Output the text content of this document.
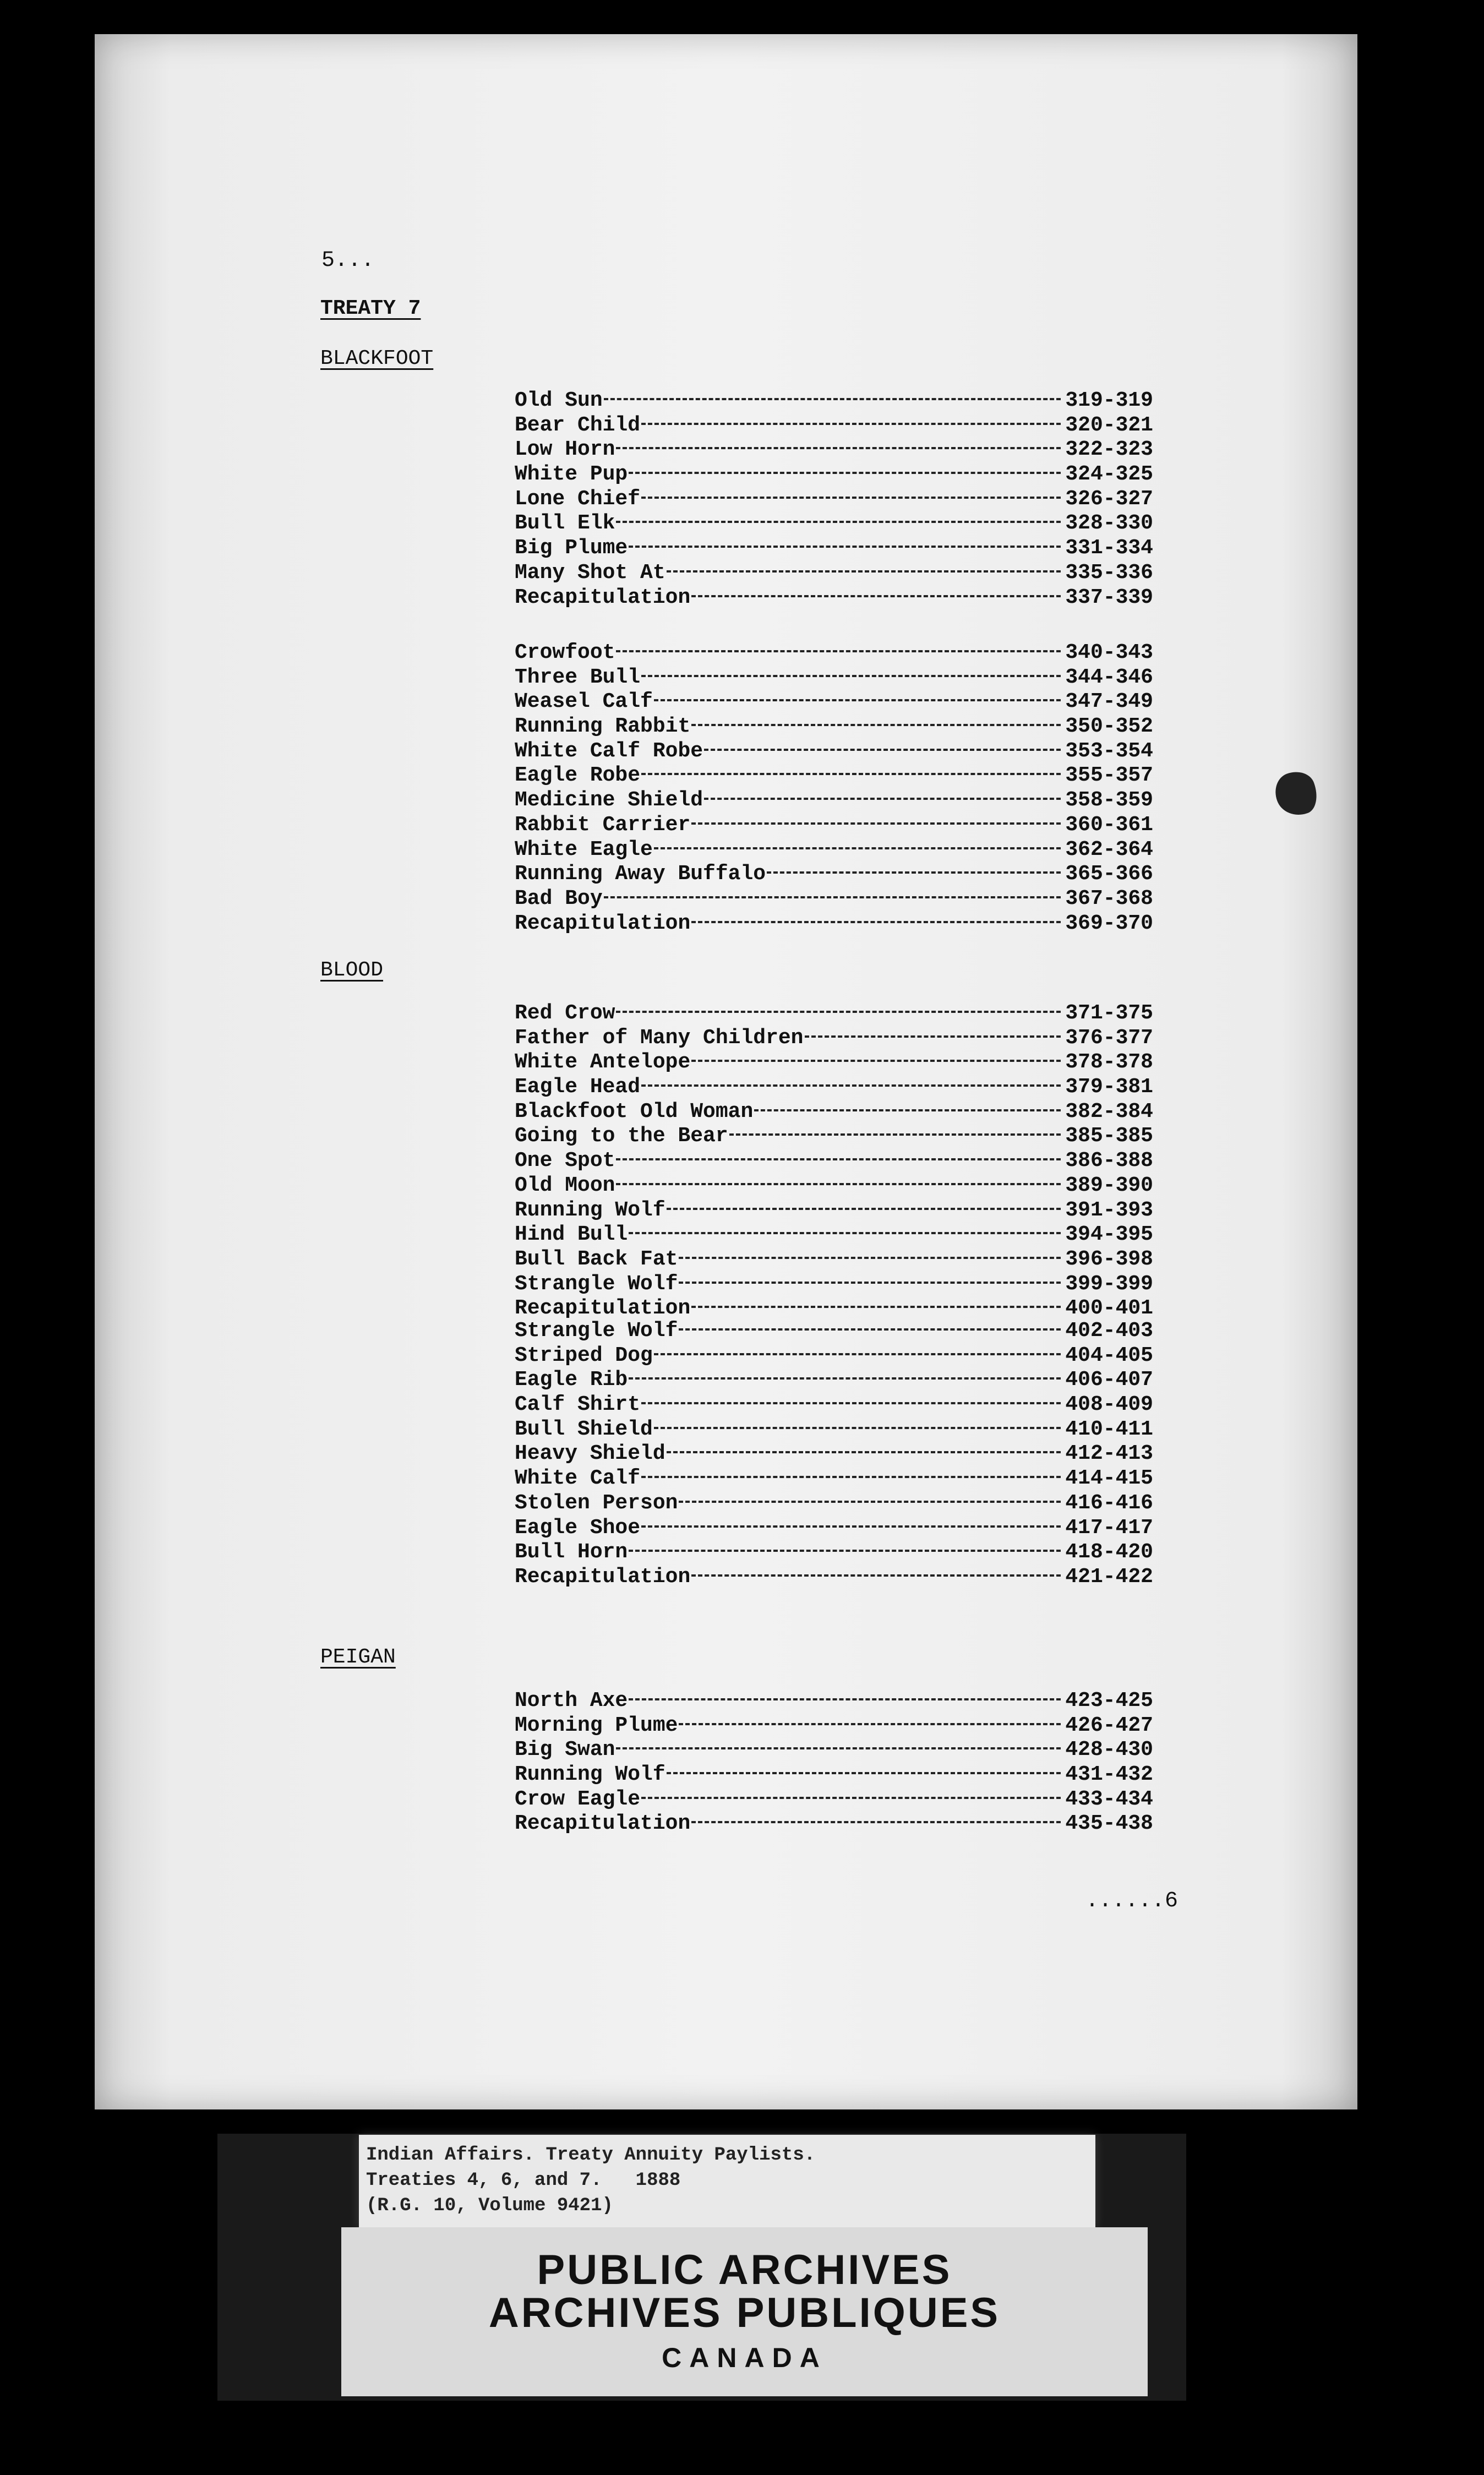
5...
TREATY 7
BLACKFOOT
Old Sun	319-319
Bear Child	320-321
Low Horn	322-323
White Pup	324-325
Lone Chief	326-327
Bull Elk	328-330
Big Plume	331-334
Many Shot At	335-336
Recapitulation	337-339
Crowfoot	340-343
Three Bull	344-346
Weasel Calf	347-349
Running Rabbit	350-352
White Calf Robe	353-354
Eagle Robe	355-357
Medicine Shield	358-359
Rabbit Carrier	360-361
White Eagle	362-364
Running Away Buffalo	365-366
Bad Boy	367-368
Recapitulation	369-370
BLOOD
Red Crow	371-375
Father of Many Children	376-377
White Antelope	378-378
Eagle Head	379-381
Blackfoot Old Woman	382-384
Going to the Bear	385-385
One Spot	386-388
Old Moon	389-390
Running Wolf	391-393
Hind Bull	394-395
Bull Back Fat	396-398
Strangle Wolf	399-399
Recapitulation	400-401
Strangle Wolf	402-403
Striped Dog	404-405
Eagle Rib	406-407
Calf Shirt	408-409
Bull Shield	410-411
Heavy Shield	412-413
White Calf	414-415
Stolen Person	416-416
Eagle Shoe	417-417
Bull Horn	418-420
Recapitulation	421-422
PEIGAN
North Axe	423-425
Morning Plume	426-427
Big Swan	428-430
Running Wolf	431-432
Crow Eagle	433-434
Recapitulation	435-438
......6
Indian Affairs. Treaty Annuity Paylists.
Treaties 4, 6, and 7.   1888
(R.G. 10, Volume 9421)
PUBLIC ARCHIVES
ARCHIVES PUBLIQUES
CANADA
